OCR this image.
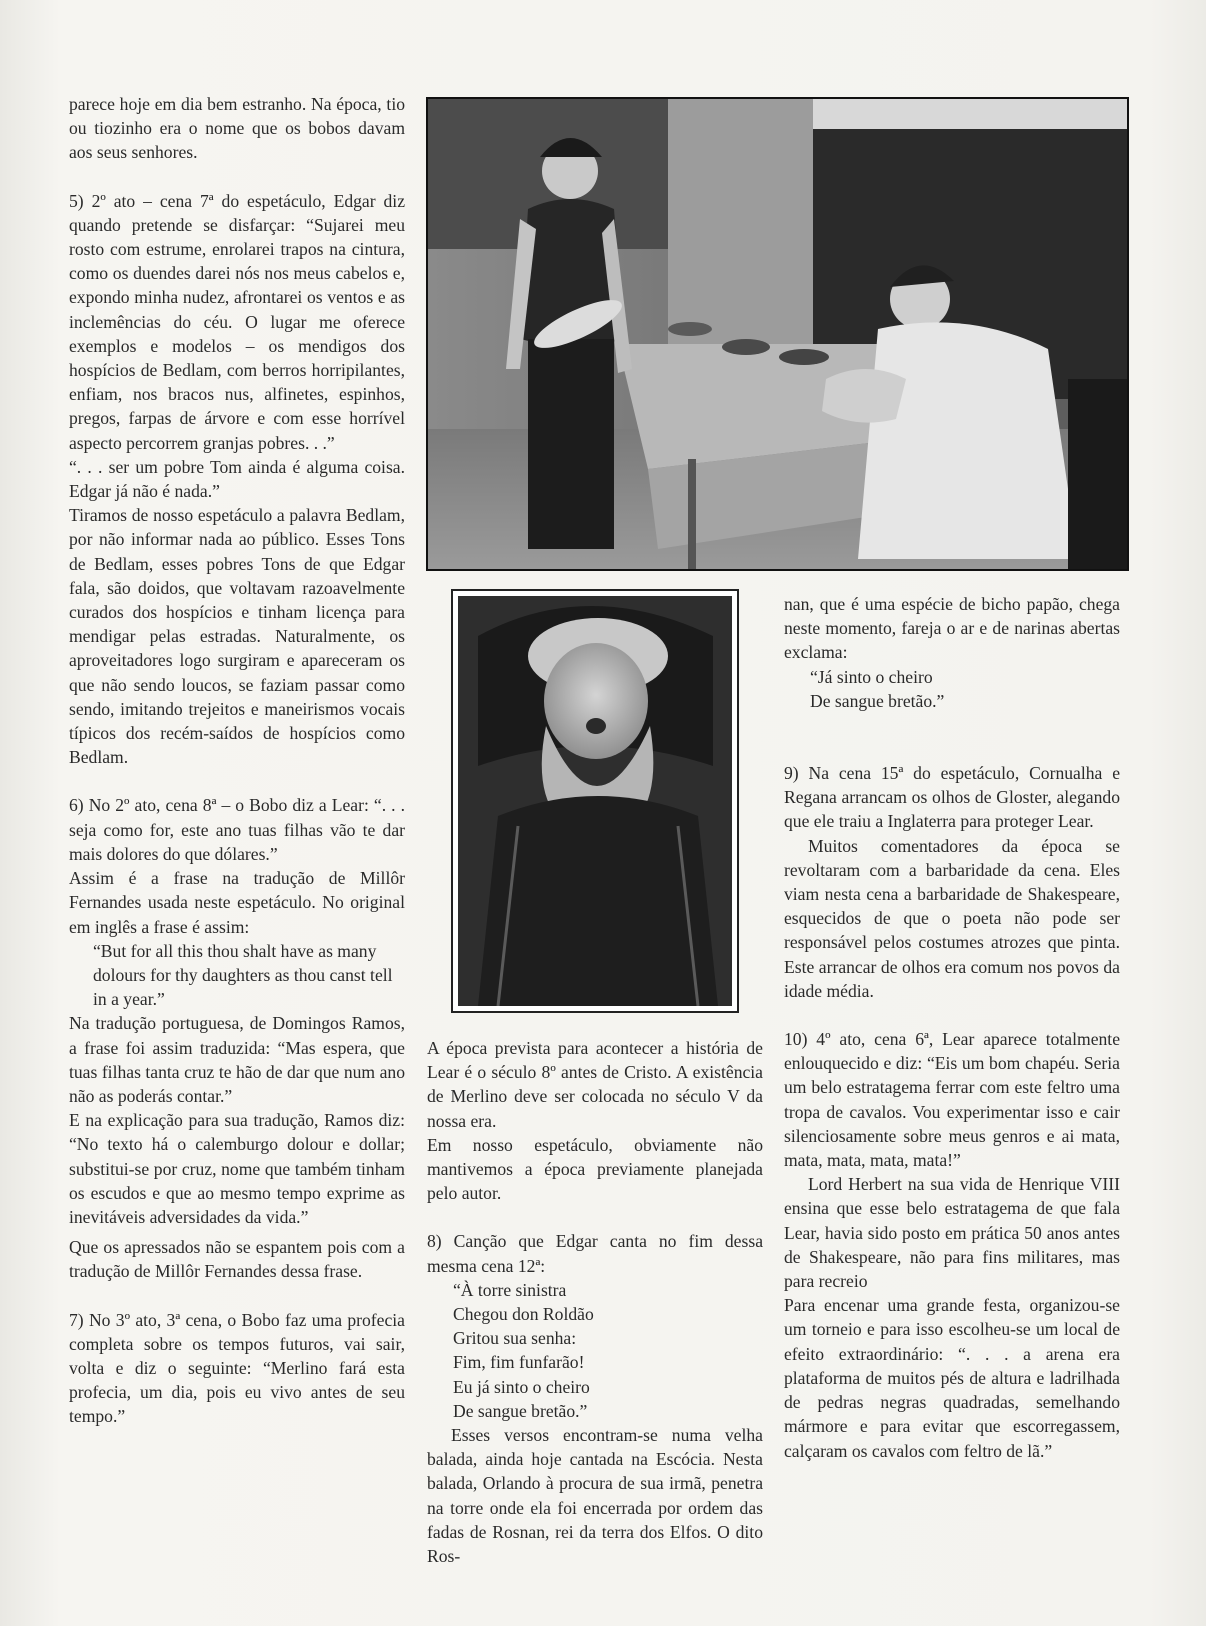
parece hoje em dia bem estranho. Na época, tio ou tiozinho era o nome que os bobos davam aos seus senhores.

5) 2º ato – cena 7ª do espetáculo, Edgar diz quando pretende se disfarçar: “Sujarei meu rosto com estrume, enrolarei trapos na cintura, como os duendes darei nós nos meus cabelos e, expondo minha nudez, afrontarei os ventos e as inclemências do céu. O lugar me oferece exemplos e modelos – os mendigos dos hospícios de Bedlam, com berros horripilantes, enfiam, nos bracos nus, alfinetes, espinhos, pregos, farpas de árvore e com esse horrível aspecto percorrem granjas pobres. . .”

“. . . ser um pobre Tom ainda é alguma coisa. Edgar já não é nada.”

Tiramos de nosso espetáculo a palavra Bedlam, por não informar nada ao público. Esses Tons de Bedlam, esses pobres Tons de que Edgar fala, são doidos, que voltavam razoavelmente curados dos hospícios e tinham licença para mendigar pelas estradas. Naturalmente, os aproveitadores logo surgiram e apareceram os que não sendo loucos, se faziam passar como sendo, imitando trejeitos e maneirismos vocais típicos dos recém-saídos de hospícios como Bedlam.

6) No 2º ato, cena 8ª – o Bobo diz a Lear: “. . . seja como for, este ano tuas filhas vão te dar mais dolores do que dólares.”

Assim é a frase na tradução de Millôr Fernandes usada neste espetáculo. No original em inglês a frase é assim:

“But for all this thou shalt have as many dolours for thy daughters as thou canst tell in a year.”

Na tradução portuguesa, de Domingos Ramos, a frase foi assim traduzida: “Mas espera, que tuas filhas tanta cruz te hão de dar que num ano não as poderás contar.”

E na explicação para sua tradução, Ramos diz: “No texto há o calemburgo dolour e dollar; substitui-se por cruz, nome que também tinham os escudos e que ao mesmo tempo exprime as inevitáveis adversidades da vida.”

Que os apressados não se espantem pois com a tradução de Millôr Fernandes dessa frase.

7) No 3º ato, 3ª cena, o Bobo faz uma profecia completa sobre os tempos futuros, vai sair, volta e diz o seguinte: “Merlino fará esta profecia, um dia, pois eu vivo antes de seu tempo.”

A época prevista para acontecer a história de Lear é o século 8º antes de Cristo. A existência de Merlino deve ser colocada no século V da nossa era.

Em nosso espetáculo, obviamente não mantivemos a época previamente planejada pelo autor.

8) Canção que Edgar canta no fim dessa mesma cena 12ª:

“À torre sinistra

Chegou don Roldão

Gritou sua senha:

Fim, fim funfarão!

Eu já sinto o cheiro

De sangue bretão.”

Esses versos encontram-se numa velha balada, ainda hoje cantada na Escócia. Nesta balada, Orlando à procura de sua irmã, penetra na torre onde ela foi encerrada por ordem das fadas de Rosnan, rei da terra dos Elfos. O dito Ros-

nan, que é uma espécie de bicho papão, chega neste momento, fareja o ar e de narinas abertas exclama:

“Já sinto o cheiro

De sangue bretão.”

9) Na cena 15ª do espetáculo, Cornualha e Regana arrancam os olhos de Gloster, alegando que ele traiu a Inglaterra para proteger Lear.

Muitos comentadores da época se revoltaram com a barbaridade da cena. Eles viam nesta cena a barbaridade de Shakespeare, esquecidos de que o poeta não pode ser responsável pelos costumes atrozes que pinta. Este arrancar de olhos era comum nos povos da idade média.

10) 4º ato, cena 6ª, Lear aparece totalmente enlouquecido e diz: “Eis um bom chapéu. Seria um belo estratagema ferrar com este feltro uma tropa de cavalos. Vou experimentar isso e cair silenciosamente sobre meus genros e ai mata, mata, mata, mata, mata!”

Lord Herbert na sua vida de Henrique VIII ensina que esse belo estratagema de que fala Lear, havia sido posto em prática 50 anos antes de Shakespeare, não para fins militares, mas para recreio

Para encenar uma grande festa, organizou-se um torneio e para isso escolheu-se um local de efeito extraordinário: “. . . a arena era plataforma de muitos pés de altura e ladrilhada de pedras negras quadradas, semelhando mármore e para evitar que escorregassem, calçaram os cavalos com feltro de lã.”
